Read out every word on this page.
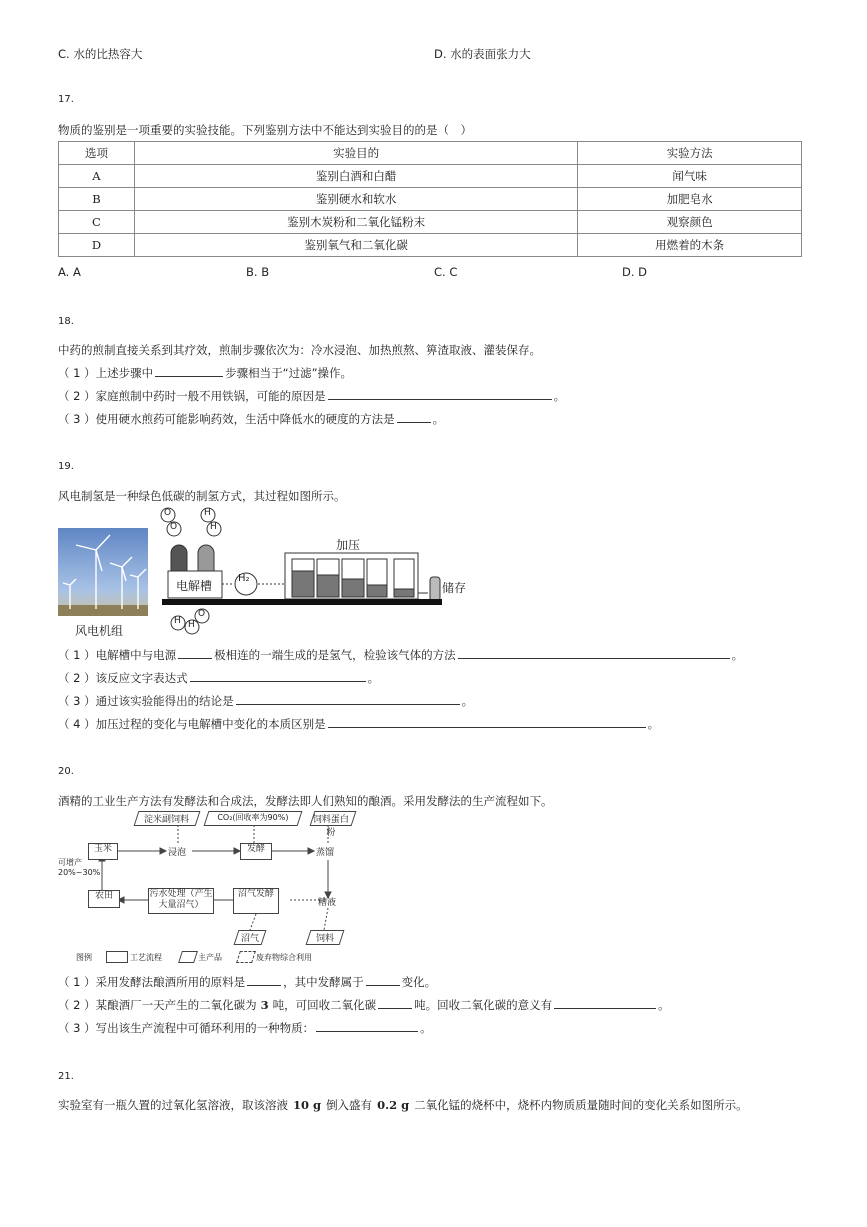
C. 水的比热容大	D. 水的表面张力大
17.
物质的鉴别是一项重要的实验技能。下列鉴别方法中不能达到实验目的的是（　）
选项	实验目的	实验方法
A	鉴别白酒和白醋	闻气味
B	鉴别硬水和软水	加肥皂水
C	鉴别木炭粉和二氧化锰粉末	观察颜色
D	鉴别氧气和二氧化碳	用燃着的木条
A. A	B. B	C. C	D. D
18.
中药的煎制直接关系到其疗效，煎制步骤依次为：冷水浸泡、加热煎熬、箅渣取液、灌装保存。
（ 1 ）上述步骤中	步骤相当于“过滤”操作。
（ 2 ）家庭煎制中药时一般不用铁锅，可能的原因是	。
（ 3 ）使用硬水煎药可能影响药效，生活中降低水的硬度的方法是	。
19.
风电制氢是一种绿色低碳的制氢方式，其过程如图所示。
风电机组
电解槽
H₂
加压
储存
O
O
H
H
H H
O
（ 1 ）电解槽中与电源	极相连的一端生成的是氢气，检验该气体的方法	。
（ 2 ）该反应文字表达式	。
（ 3 ）通过该实验能得出的结论是	。
（ 4 ）加压过程的变化与电解槽中变化的本质区别是	。
20.
酒精的工业生产方法有发酵法和合成法，发酵法即人们熟知的酿酒。采用发酵法的生产流程如下。
淀米副饲料	CO₂(回收率为90%)	饲料蛋白粉
玉米	浸泡	发酵	蒸馏
可增产 20%~30%
农田	污水处理（产生大量沼气）
沼气发酵
糟液
沼气	饲料
图例	工艺流程	主产品	废弃物综合利用
（ 1 ）采用发酵法酿酒所用的原料是	，其中发酵属于	变化。
（ 2 ）某酿酒厂一天产生的二氧化碳为 3 吨，可回收二氧化碳	吨。回收二氧化碳的意义有	。
（ 3 ）写出该生产流程中可循环利用的一种物质：	。
21.
实验室有一瓶久置的过氧化氢溶液，取该溶液 10 g 倒入盛有 0.2 g 二氧化锰的烧杯中，烧杯内物质质量随时间的变化关系如图所示。
